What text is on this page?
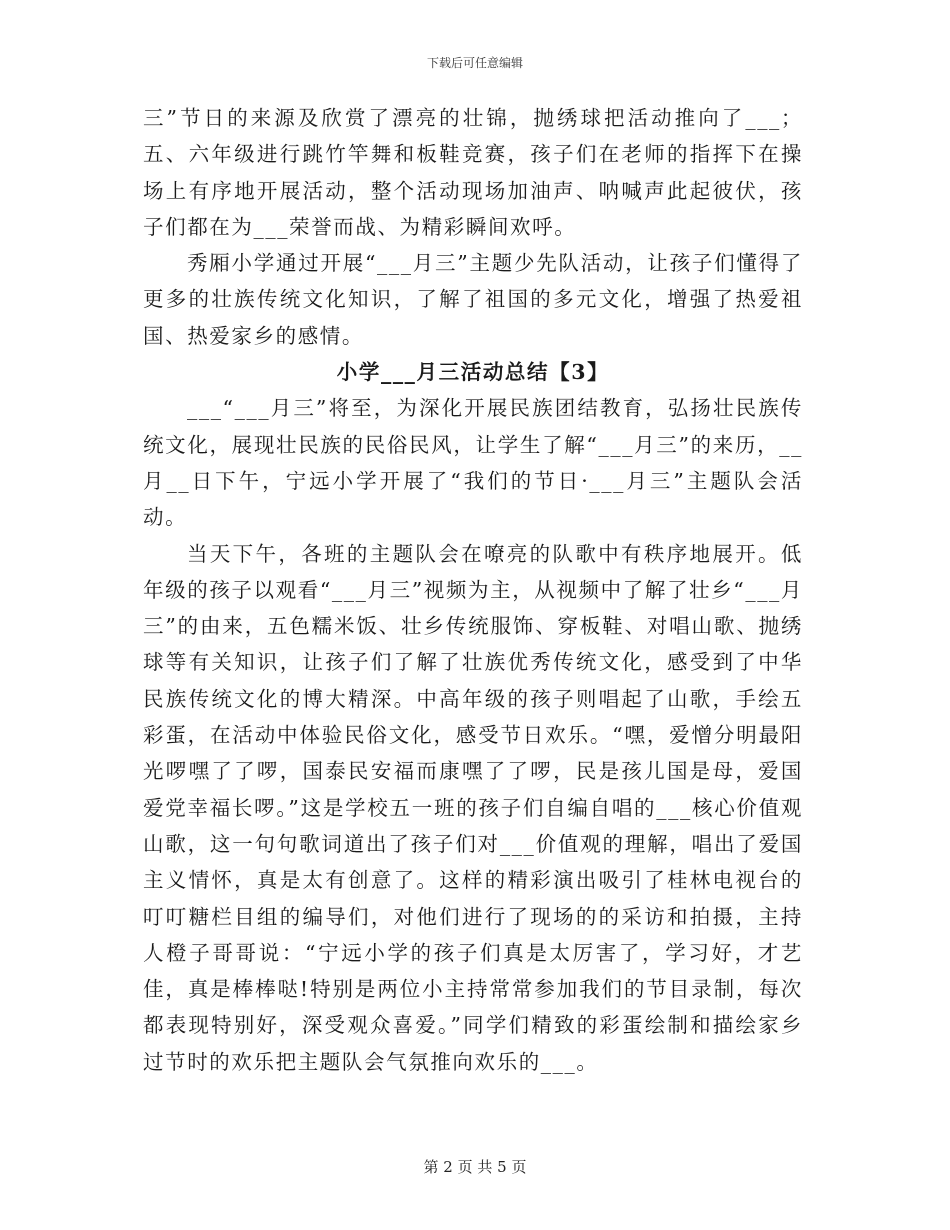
下载后可任意编辑

三”节日的来源及欣赏了漂亮的壮锦，抛绣球把活动推向了___；五、六年级进行跳竹竿舞和板鞋竞赛，孩子们在老师的指挥下在操场上有序地开展活动，整个活动现场加油声、呐喊声此起彼伏，孩子们都在为___荣誉而战、为精彩瞬间欢呼。

秀厢小学通过开展“___月三”主题少先队活动，让孩子们懂得了更多的壮族传统文化知识，了解了祖国的多元文化，增强了热爱祖国、热爱家乡的感情。

小学___月三活动总结【3】

___“___月三”将至，为深化开展民族团结教育，弘扬壮民族传统文化，展现壮民族的民俗民风，让学生了解“___月三”的来历，__月__日下午，宁远小学开展了“我们的节日·___月三”主题队会活动。

当天下午，各班的主题队会在嘹亮的队歌中有秩序地展开。低年级的孩子以观看“___月三”视频为主，从视频中了解了壮乡“___月三”的由来，五色糯米饭、壮乡传统服饰、穿板鞋、对唱山歌、抛绣球等有关知识，让孩子们了解了壮族优秀传统文化，感受到了中华民族传统文化的博大精深。中高年级的孩子则唱起了山歌，手绘五彩蛋，在活动中体验民俗文化，感受节日欢乐。“嘿，爱憎分明最阳光啰嘿了了啰，国泰民安福而康嘿了了啰，民是孩儿国是母，爱国爱党幸福长啰。”这是学校五一班的孩子们自编自唱的___核心价值观山歌，这一句句歌词道出了孩子们对___价值观的理解，唱出了爱国主义情怀，真是太有创意了。这样的精彩演出吸引了桂林电视台的叮叮糖栏目组的编导们，对他们进行了现场的的采访和拍摄，主持人橙子哥哥说：“宁远小学的孩子们真是太厉害了，学习好，才艺佳，真是棒棒哒!特别是两位小主持常常参加我们的节目录制，每次都表现特别好，深受观众喜爱。”同学们精致的彩蛋绘制和描绘家乡过节时的欢乐把主题队会气氛推向欢乐的___。

第 2 页 共 5 页
